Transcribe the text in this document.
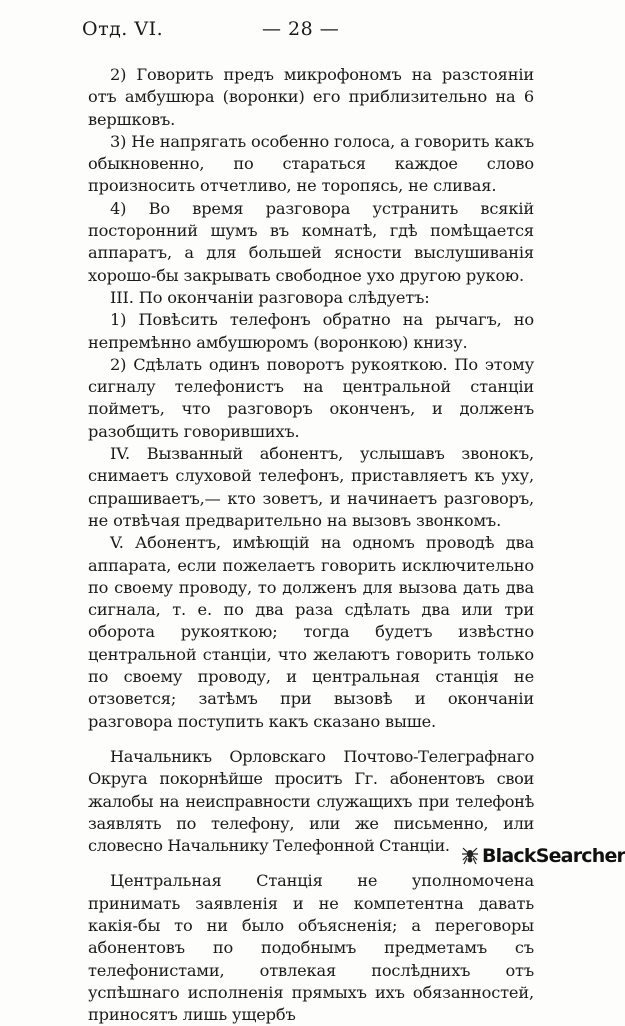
Отд. VI.	— 28 —

2) Говорить предъ микрофономъ на разстоянiи отъ амбушюра (воронки) его приблизительно на 6 вершковъ.

3) Не напрягать особенно голоса, а говорить какъ обыкновенно, по стараться каждое слово произносить отчетливо, не торопясь, не сливая.

4) Во время разговора устранить всякiй посторонний шумъ въ комнатѣ, гдѣ помѣщается аппаратъ, а для большей ясности выслушиванiя хорошо-бы закрывать свободное ухо другою рукою.

III. По окончанiи разговора слѣдуетъ:

1) Повѣсить телефонъ обратно на рычагъ, но непремѣнно амбушюромъ (воронкою) книзу.

2) Сдѣлать одинъ поворотъ рукояткою. По этому сигналу телефонистъ на центральной станцiи пойметъ, что разговоръ оконченъ, и долженъ разобщить говорившихъ.

IV. Вызванный абонентъ, услышавъ звонокъ, снимаетъ слуховой телефонъ, приставляетъ къ уху, спрашиваетъ,— кто зоветъ, и начинаетъ разговоръ, не отвѣчая предварительно на вызовъ звонкомъ.

V. Абонентъ, имѣющiй на одномъ проводѣ два аппарата, если пожелаетъ говорить исключительно по своему проводу, то долженъ для вызова дать два сигнала, т. е. по два раза сдѣлать два или три оборота рукояткою; тогда будетъ извѣстно центральной станцiи, что желаютъ говорить только по своему проводу, и центральная станцiя не отзовется; затѣмъ при вызовѣ и окончанiи разговора поступить какъ сказано выше.

Начальникъ Орловскаго Почтово-Телеграфнаго Округа покорнѣйше проситъ Гг. абонентовъ свои жалобы на неисправности служащихъ при телефонѣ заявлять по телефону, или же письменно, или словесно Начальнику Телефонной Станцiи.

Центральная Станцiя не уполномочена принимать заявленiя и не компетентна давать какiя-бы то ни было объясненiя; а переговоры абонентовъ по подобнымъ предметамъ съ телефонистами, отвлекая послѣднихъ отъ успѣшнаго исполненiя прямыхъ ихъ обязанностей, приносятъ лишь ущербъ

BlackSearcher
